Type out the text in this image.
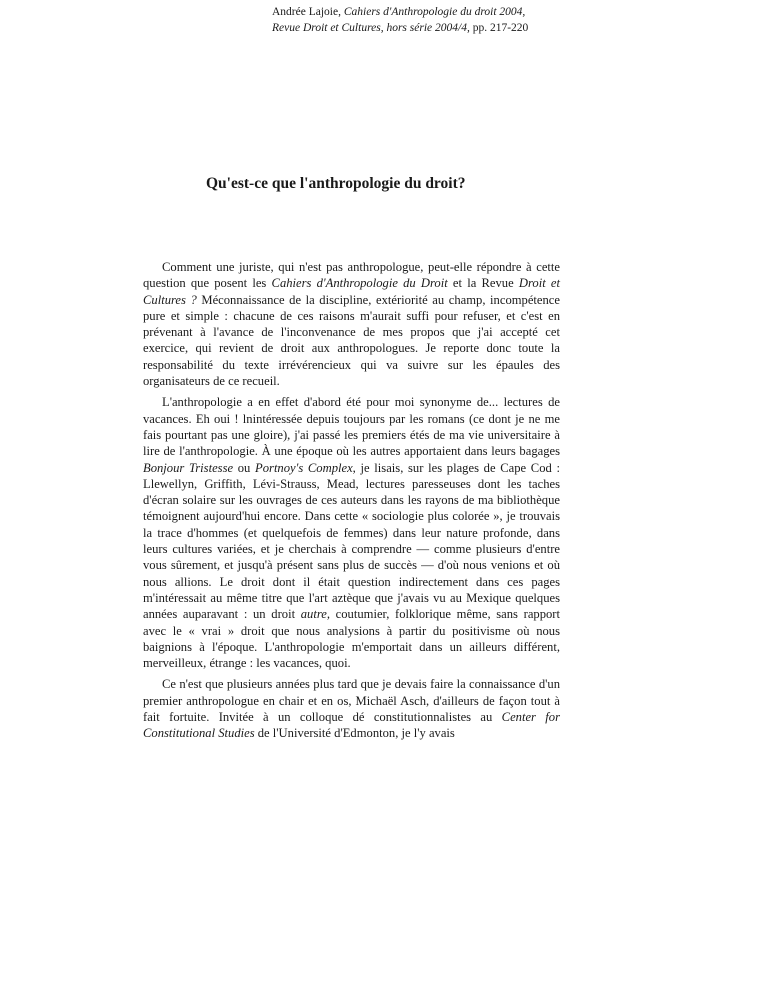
Andrée Lajoie, Cahiers d'Anthropologie du droit 2004,
Revue Droit et Cultures, hors série 2004/4, pp. 217-220
Qu'est-ce que l'anthropologie du droit?

Comment une juriste, qui n'est pas anthropologue, peut-elle répondre à cette question que posent les Cahiers d'Anthropologie du Droit et la Revue Droit et Cultures ? Méconnaissance de la discipline, extériorité au champ, incompétence pure et simple : chacune de ces raisons m'aurait suffi pour refuser, et c'est en prévenant à l'avance de l'inconvenance de mes propos que j'ai accepté cet exercice, qui revient de droit aux anthropologues. Je reporte donc toute la responsabilité du texte irrévérencieux qui va suivre sur les épaules des organisateurs de ce recueil.

L'anthropologie a en effet d'abord été pour moi synonyme de... lectures de vacances. Eh oui ! lnintéressée depuis toujours par les romans (ce dont je ne me fais pourtant pas une gloire), j'ai passé les premiers étés de ma vie universitaire à lire de l'anthropologie. À une époque où les autres apportaient dans leurs bagages Bonjour Tristesse ou Portnoy's Complex, je lisais, sur les plages de Cape Cod : Llewellyn, Griffith, Lévi-Strauss, Mead, lectures paresseuses dont les taches d'écran solaire sur les ouvrages de ces auteurs dans les rayons de ma bibliothèque témoignent aujourd'hui encore. Dans cette « sociologie plus colorée », je trouvais la trace d'hommes (et quelquefois de femmes) dans leur nature profonde, dans leurs cultures variées, et je cherchais à comprendre — comme plusieurs d'entre vous sûrement, et jusqu'à présent sans plus de succès — d'où nous venions et où nous allions. Le droit dont il était question indirectement dans ces pages m'intéressait au même titre que l'art aztèque que j'avais vu au Mexique quelques années auparavant : un droit autre, coutumier, folklorique même, sans rapport avec le « vrai » droit que nous analysions à partir du positivisme où nous baignions à l'époque. L'anthropologie m'emportait dans un ailleurs différent, merveilleux, étrange : les vacances, quoi.

Ce n'est que plusieurs années plus tard que je devais faire la connaissance d'un premier anthropologue en chair et en os, Michaël Asch, d'ailleurs de façon tout à fait fortuite. Invitée à un colloque dé constitutionnalistes au Center for Constitutional Studies de l'Université d'Edmonton, je l'y avais
